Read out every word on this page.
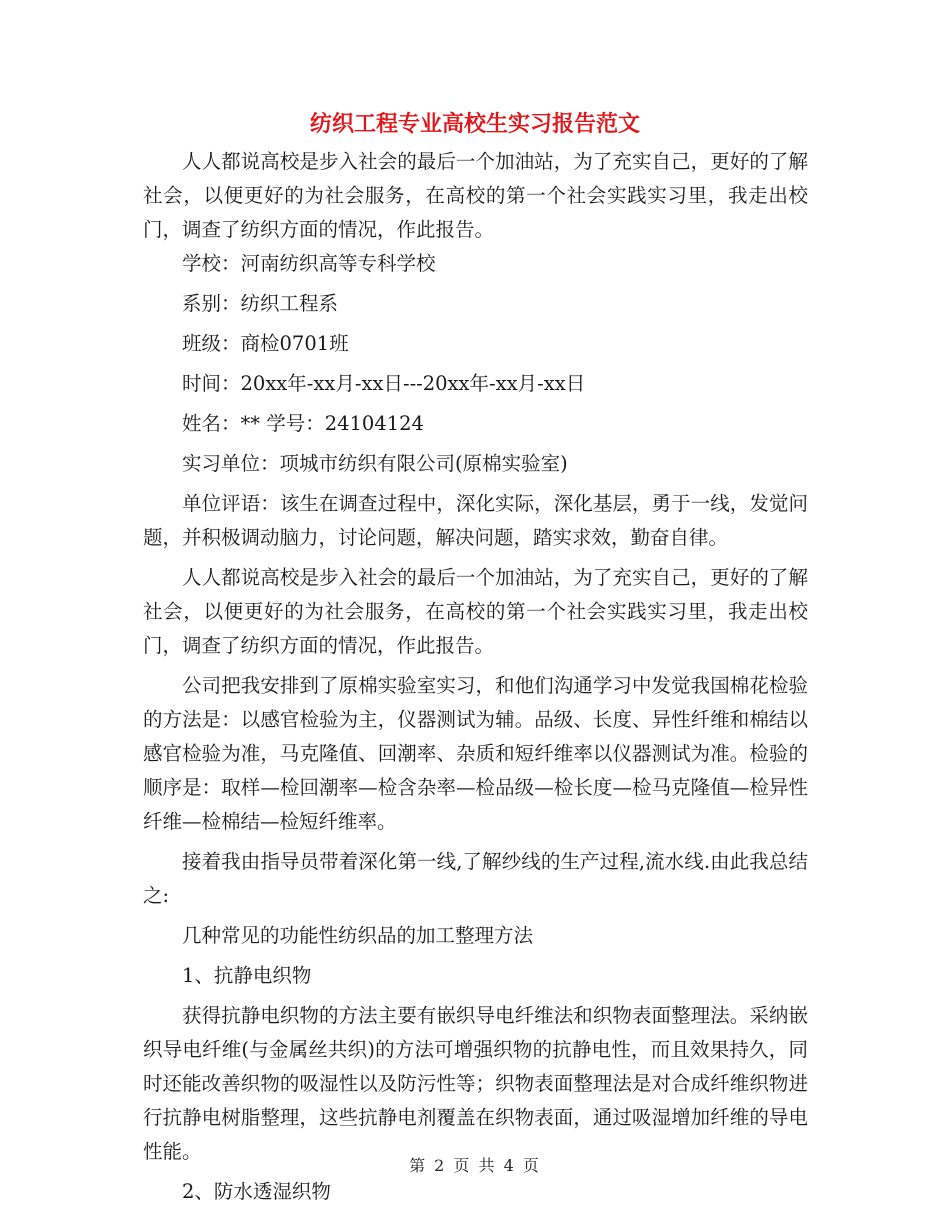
纺织工程专业高校生实习报告范文

人人都说高校是步入社会的最后一个加油站，为了充实自己，更好的了解社会，以便更好的为社会服务，在高校的第一个社会实践实习里，我走出校门，调查了纺织方面的情况，作此报告。

学校：河南纺织高等专科学校

系别：纺织工程系

班级：商检0701班

时间：20xx年-xx月-xx日---20xx年-xx月-xx日

姓名：** 学号：24104124

实习单位：项城市纺织有限公司(原棉实验室)

单位评语：该生在调查过程中，深化实际，深化基层，勇于一线，发觉问题，并积极调动脑力，讨论问题，解决问题，踏实求效，勤奋自律。

人人都说高校是步入社会的最后一个加油站，为了充实自己，更好的了解社会，以便更好的为社会服务，在高校的第一个社会实践实习里，我走出校门，调查了纺织方面的情况，作此报告。

公司把我安排到了原棉实验室实习，和他们沟通学习中发觉我国棉花检验的方法是：以感官检验为主，仪器测试为辅。品级、长度、异性纤维和棉结以感官检验为准，马克隆值、回潮率、杂质和短纤维率以仪器测试为准。检验的顺序是：取样—检回潮率—检含杂率—检品级—检长度—检马克隆值—检异性纤维—检棉结—检短纤维率。

接着我由指导员带着深化第一线,了解纱线的生产过程,流水线.由此我总结之:

几种常见的功能性纺织品的加工整理方法

1、抗静电织物

获得抗静电织物的方法主要有嵌织导电纤维法和织物表面整理法。采纳嵌织导电纤维(与金属丝共织)的方法可增强织物的抗静电性，而且效果持久，同时还能改善织物的吸湿性以及防污性等；织物表面整理法是对合成纤维织物进行抗静电树脂整理，这些抗静电剂覆盖在织物表面，通过吸湿增加纤维的导电性能。

2、防水透湿织物

第 2 页 共 4 页
